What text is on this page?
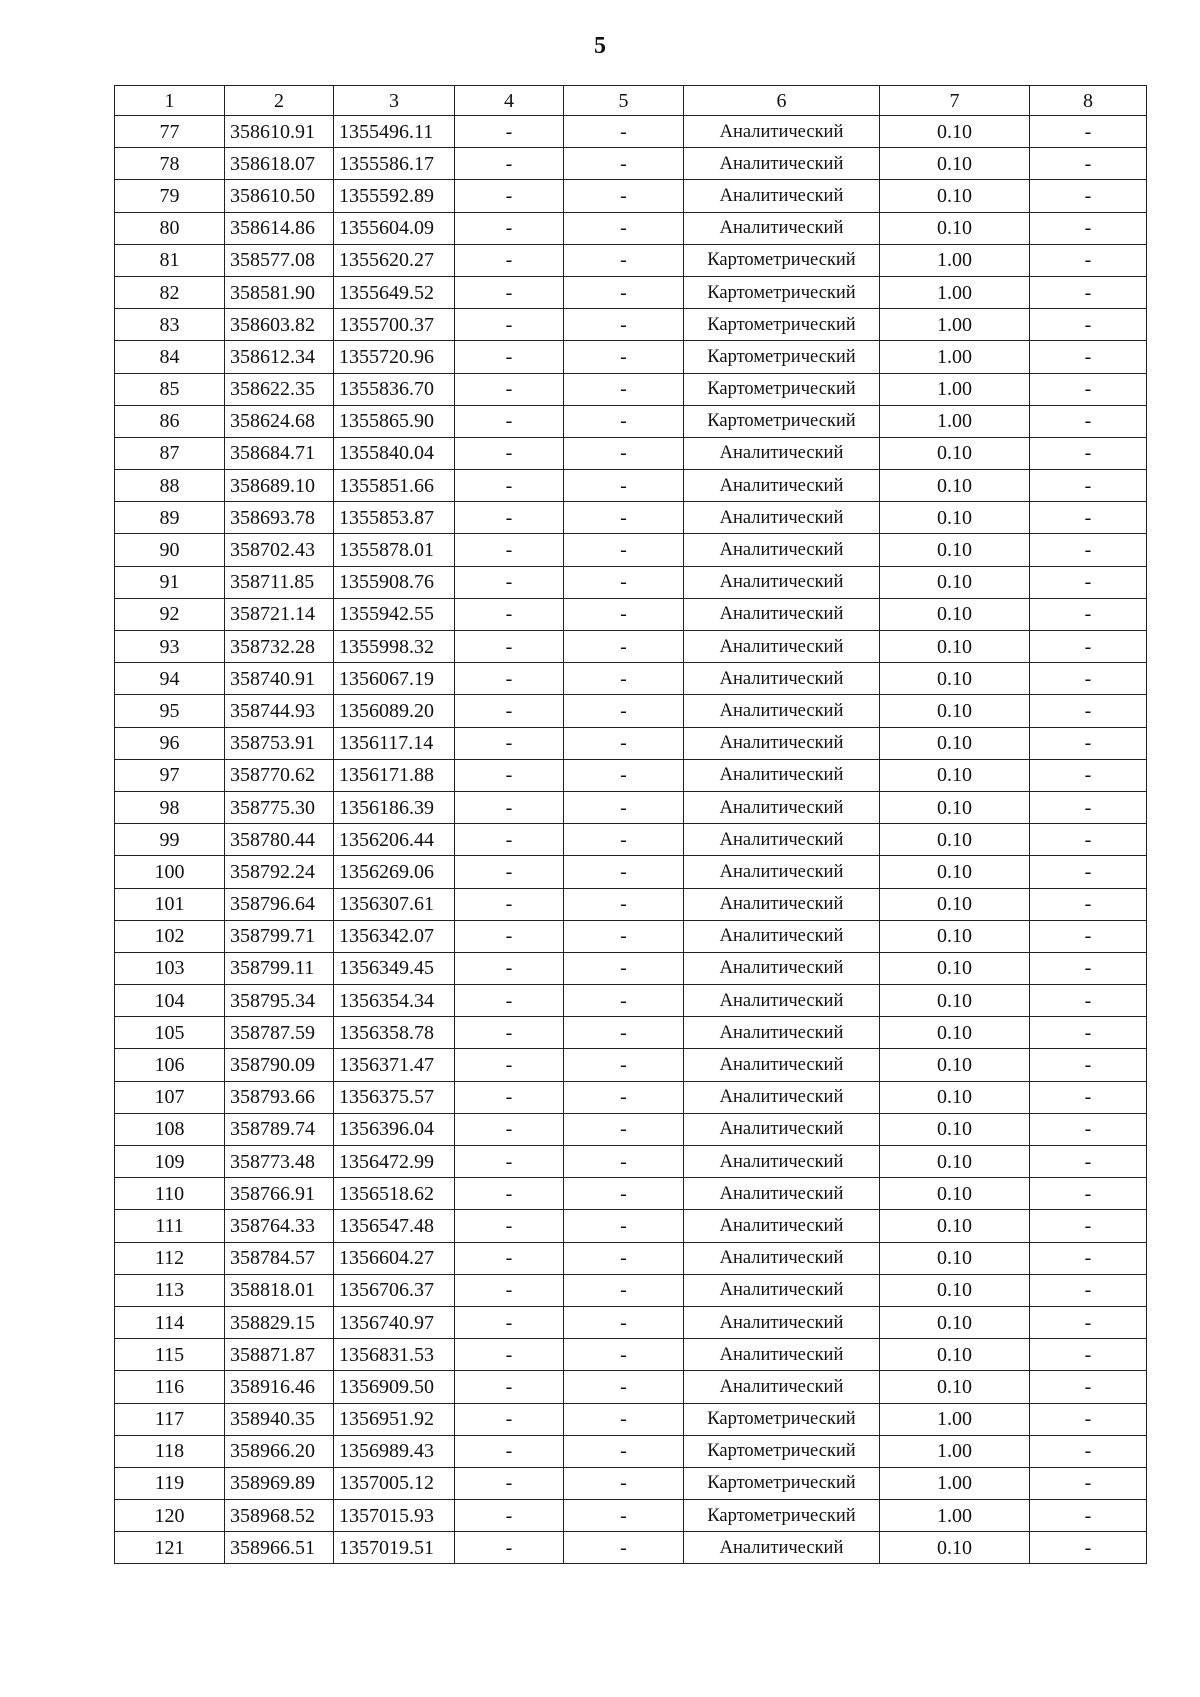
5
1	2	3	4	5	6	7	8
77	358610.91	1355496.11	-	-	Аналитический	0.10	-
78	358618.07	1355586.17	-	-	Аналитический	0.10	-
79	358610.50	1355592.89	-	-	Аналитический	0.10	-
80	358614.86	1355604.09	-	-	Аналитический	0.10	-
81	358577.08	1355620.27	-	-	Картометрический	1.00	-
82	358581.90	1355649.52	-	-	Картометрический	1.00	-
83	358603.82	1355700.37	-	-	Картометрический	1.00	-
84	358612.34	1355720.96	-	-	Картометрический	1.00	-
85	358622.35	1355836.70	-	-	Картометрический	1.00	-
86	358624.68	1355865.90	-	-	Картометрический	1.00	-
87	358684.71	1355840.04	-	-	Аналитический	0.10	-
88	358689.10	1355851.66	-	-	Аналитический	0.10	-
89	358693.78	1355853.87	-	-	Аналитический	0.10	-
90	358702.43	1355878.01	-	-	Аналитический	0.10	-
91	358711.85	1355908.76	-	-	Аналитический	0.10	-
92	358721.14	1355942.55	-	-	Аналитический	0.10	-
93	358732.28	1355998.32	-	-	Аналитический	0.10	-
94	358740.91	1356067.19	-	-	Аналитический	0.10	-
95	358744.93	1356089.20	-	-	Аналитический	0.10	-
96	358753.91	1356117.14	-	-	Аналитический	0.10	-
97	358770.62	1356171.88	-	-	Аналитический	0.10	-
98	358775.30	1356186.39	-	-	Аналитический	0.10	-
99	358780.44	1356206.44	-	-	Аналитический	0.10	-
100	358792.24	1356269.06	-	-	Аналитический	0.10	-
101	358796.64	1356307.61	-	-	Аналитический	0.10	-
102	358799.71	1356342.07	-	-	Аналитический	0.10	-
103	358799.11	1356349.45	-	-	Аналитический	0.10	-
104	358795.34	1356354.34	-	-	Аналитический	0.10	-
105	358787.59	1356358.78	-	-	Аналитический	0.10	-
106	358790.09	1356371.47	-	-	Аналитический	0.10	-
107	358793.66	1356375.57	-	-	Аналитический	0.10	-
108	358789.74	1356396.04	-	-	Аналитический	0.10	-
109	358773.48	1356472.99	-	-	Аналитический	0.10	-
110	358766.91	1356518.62	-	-	Аналитический	0.10	-
111	358764.33	1356547.48	-	-	Аналитический	0.10	-
112	358784.57	1356604.27	-	-	Аналитический	0.10	-
113	358818.01	1356706.37	-	-	Аналитический	0.10	-
114	358829.15	1356740.97	-	-	Аналитический	0.10	-
115	358871.87	1356831.53	-	-	Аналитический	0.10	-
116	358916.46	1356909.50	-	-	Аналитический	0.10	-
117	358940.35	1356951.92	-	-	Картометрический	1.00	-
118	358966.20	1356989.43	-	-	Картометрический	1.00	-
119	358969.89	1357005.12	-	-	Картометрический	1.00	-
120	358968.52	1357015.93	-	-	Картометрический	1.00	-
121	358966.51	1357019.51	-	-	Аналитический	0.10	-
